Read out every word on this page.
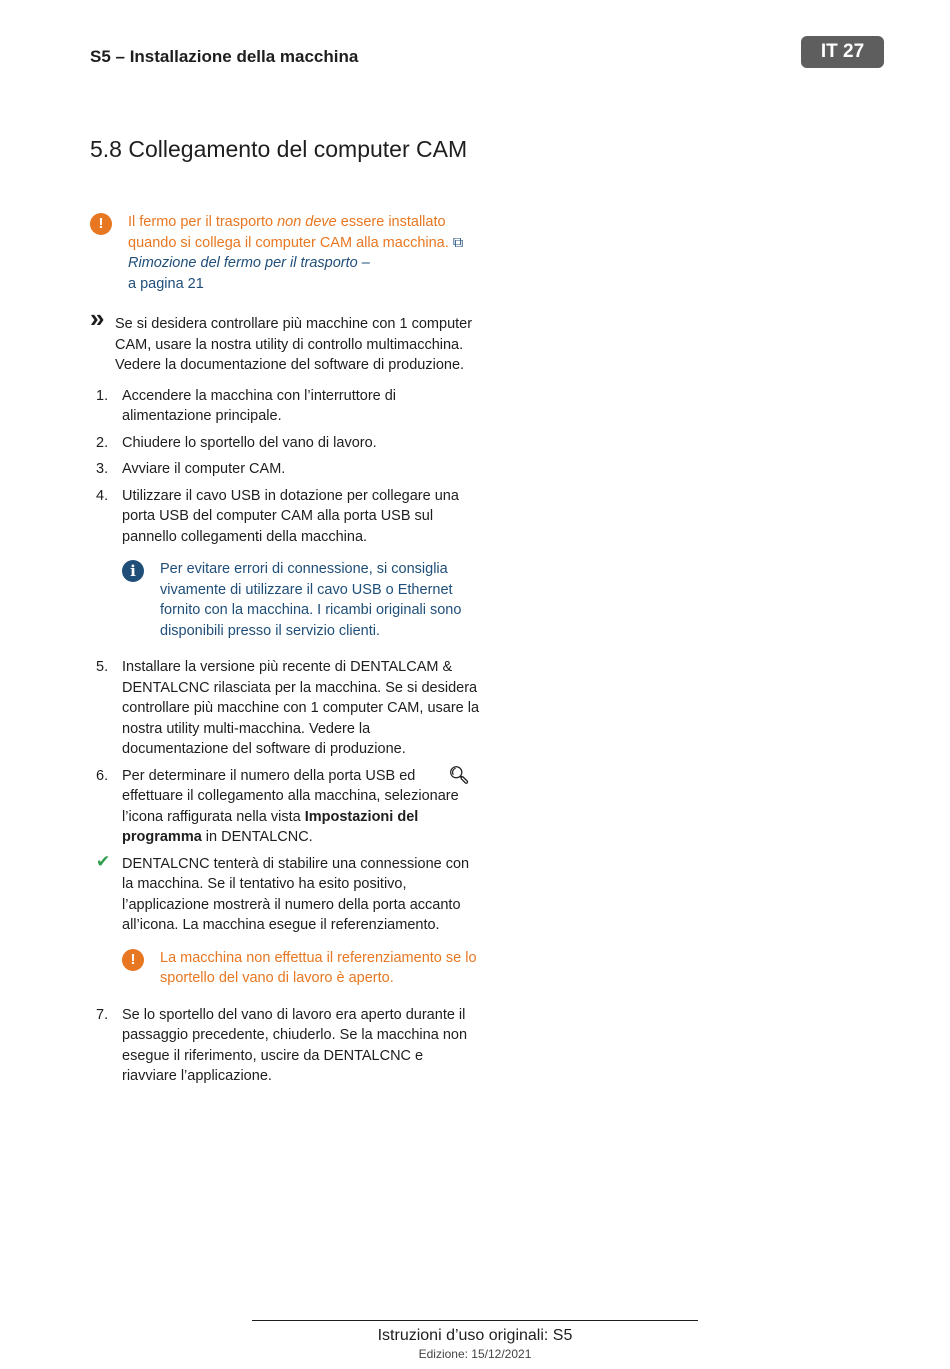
S5 – Installazione della macchina	IT 27
5.8 Collegamento del computer CAM
!	Il fermo per il trasporto non deve essere installato quando si collega il computer CAM alla macchina. ⧉Rimozione del fermo per il trasporto –
a pagina 21
» Se si desidera controllare più macchine con 1 computer CAM, usare la nostra utility di controllo multimacchina. Vedere la documentazione del software di produzione.
1. Accendere la macchina con l’interruttore di alimentazione principale.
2. Chiudere lo sportello del vano di lavoro.
3. Avviare il computer CAM.
4. Utilizzare il cavo USB in dotazione per collegare una porta USB del computer CAM alla porta USB sul pannello collegamenti della macchina.
i	Per evitare errori di connessione, si consiglia vivamente di utilizzare il cavo USB o Ethernet fornito con la macchina. I ricambi originali sono disponibili presso il servizio clienti.
5. Installare la versione più recente di DENTALCAM & DENTALCNC rilasciata per la macchina. Se si desidera controllare più macchine con 1 computer CAM, usare la nostra utility multi-macchina. Vedere la documentazione del software di produzione.
6. Per determinare il numero della porta USB ed effettuare il collegamento alla macchina, selezionare l’icona raffigurata nella vista Impostazioni del programma in DENTALCNC.
🔍︎
✔ DENTALCNC tenterà di stabilire una connessione con la macchina. Se il tentativo ha esito positivo, l’applicazione mostrerà il numero della porta accanto all’icona. La macchina esegue il referenziamento.
!	La macchina non effettua il referenziamento se lo sportello del vano di lavoro è aperto.
7. Se lo sportello del vano di lavoro era aperto durante il passaggio precedente, chiuderlo. Se la macchina non esegue il riferimento, uscire da DENTALCNC e riavviare l’applicazione.
Istruzioni d’uso originali: S5
Edizione: 15/12/2021
